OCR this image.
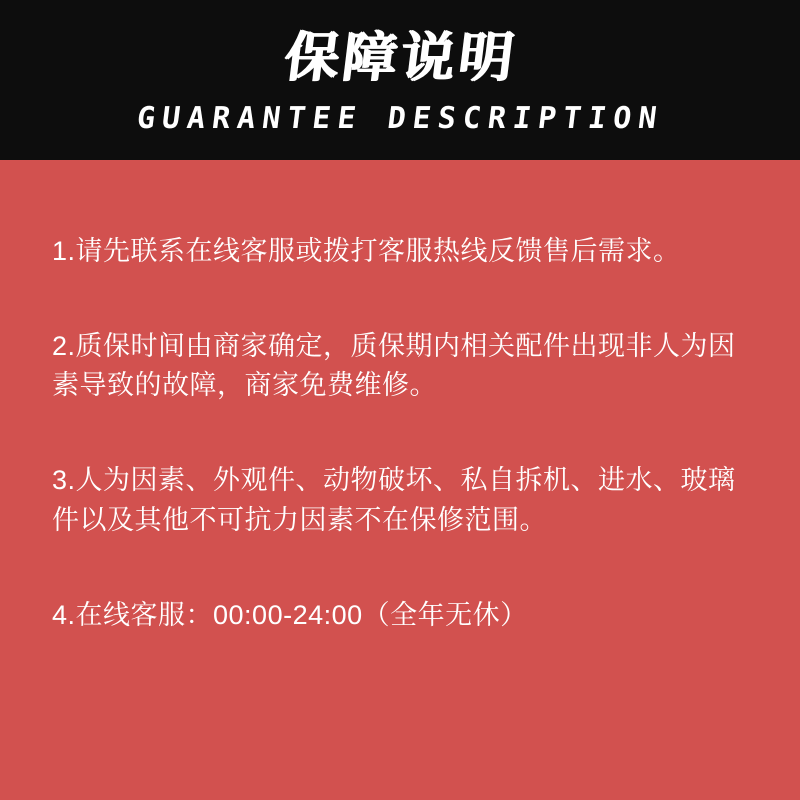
保障说明
GUARANTEE DESCRIPTION
1.请先联系在线客服或拨打客服热线反馈售后需求。
2.质保时间由商家确定，质保期内相关配件出现非人为因素导致的故障，商家免费维修。
3.人为因素、外观件、动物破坏、私自拆机、进水、玻璃件以及其他不可抗力因素不在保修范围。
4.在线客服：00:00-24:00（全年无休）
